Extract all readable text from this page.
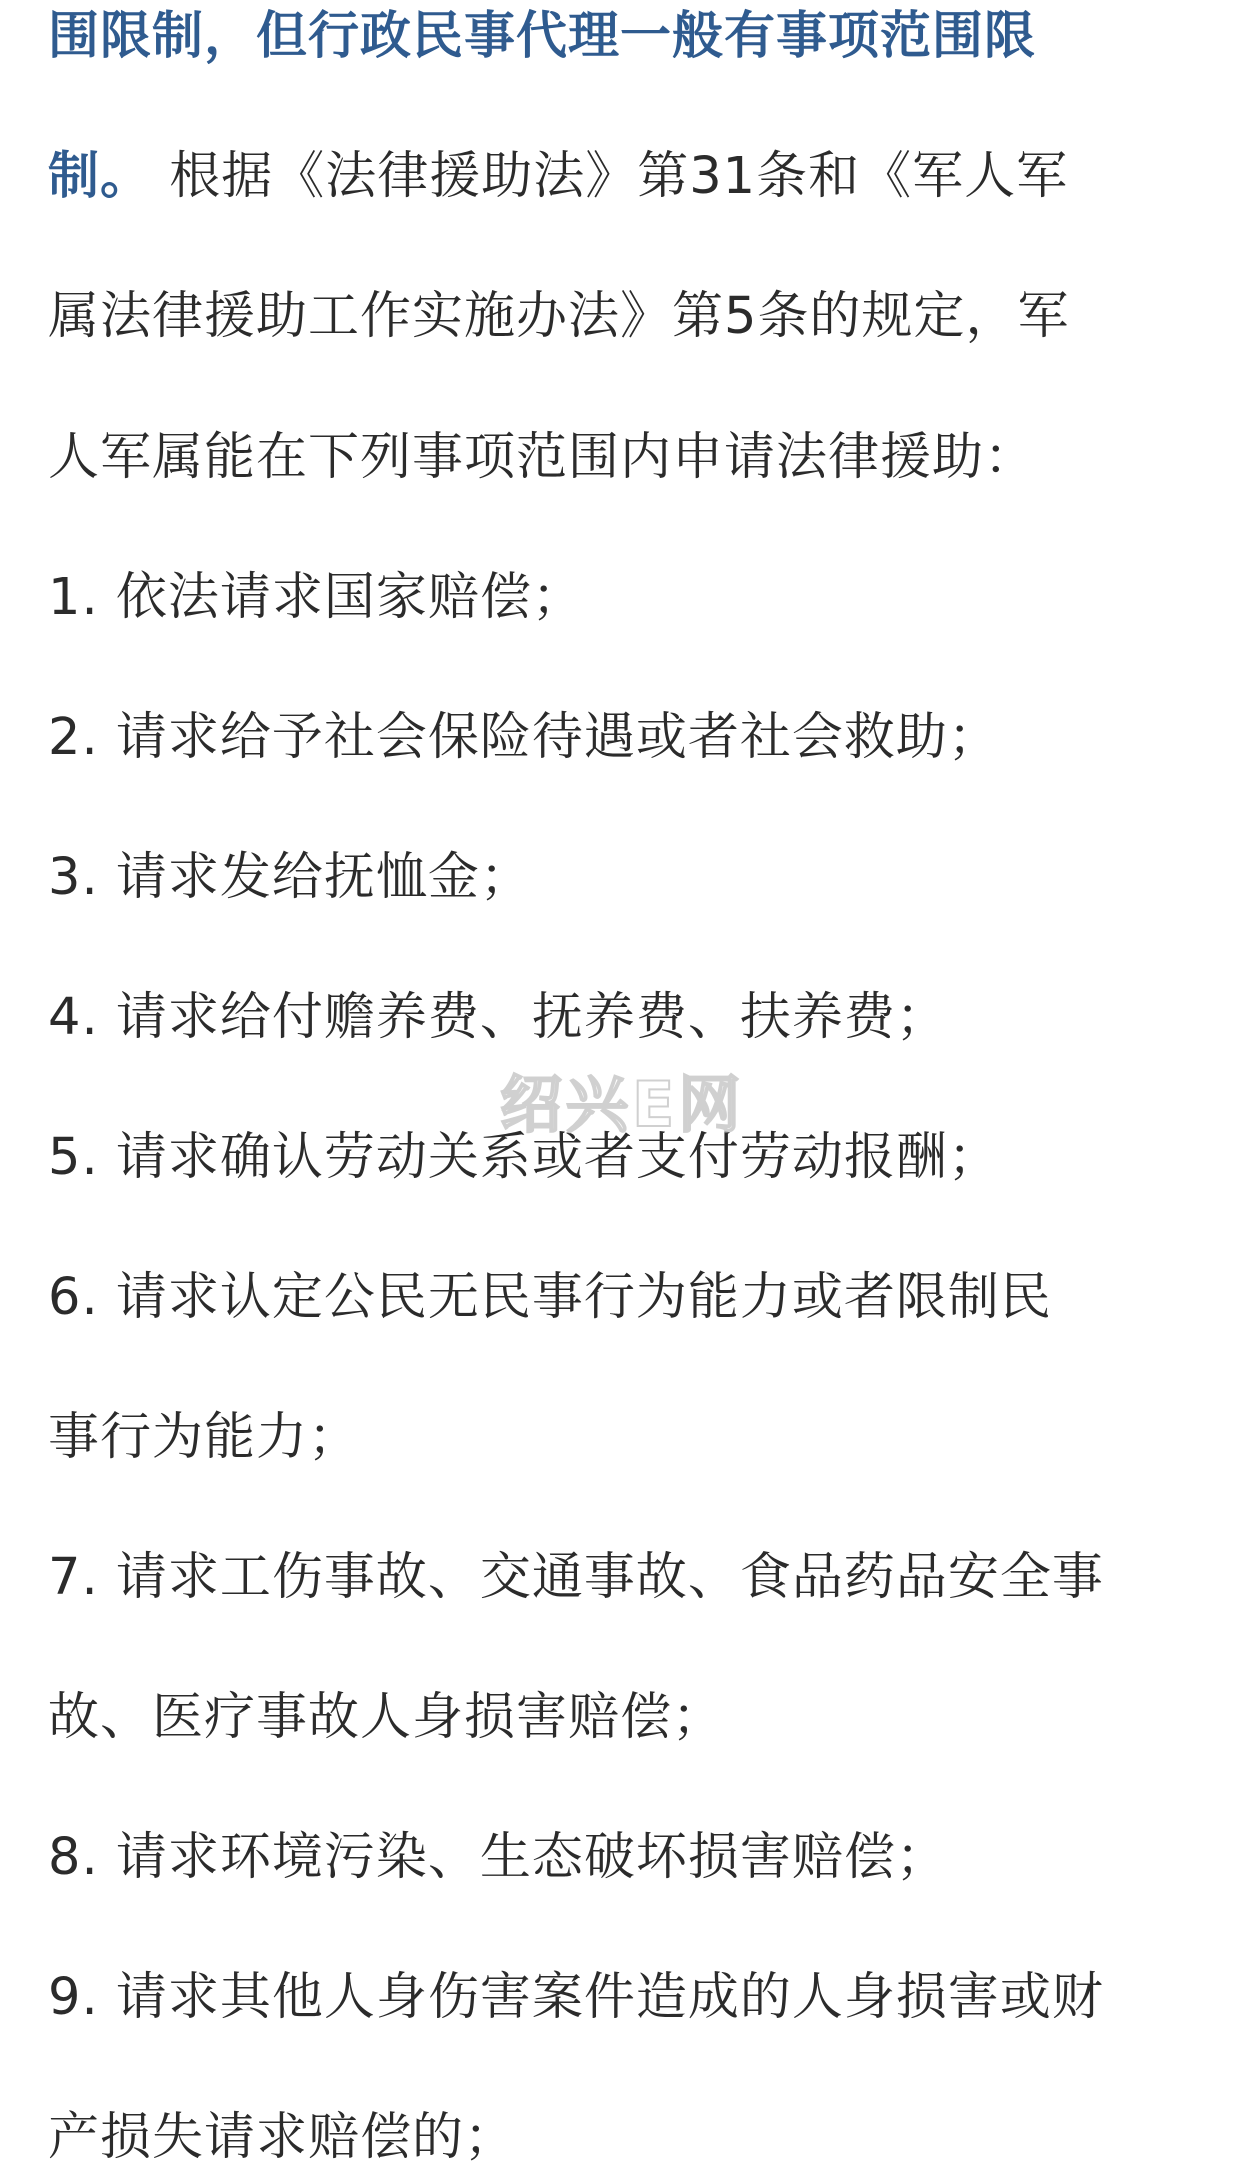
围限制，但行政民事代理一般有事项范围限
制。 根据《法律援助法》第31条和《军人军
属法律援助工作实施办法》第5条的规定，军
人军属能在下列事项范围内申请法律援助：
1. 依法请求国家赔偿；
2. 请求给予社会保险待遇或者社会救助；
3. 请求发给抚恤金；
4. 请求给付赡养费、抚养费、扶养费；
5. 请求确认劳动关系或者支付劳动报酬；
6. 请求认定公民无民事行为能力或者限制民
事行为能力；
7. 请求工伤事故、交通事故、食品药品安全事
故、医疗事故人身损害赔偿；
8. 请求环境污染、生态破坏损害赔偿；
9. 请求其他人身伤害案件造成的人身损害或财
产损失请求赔偿的；
绍兴E网
